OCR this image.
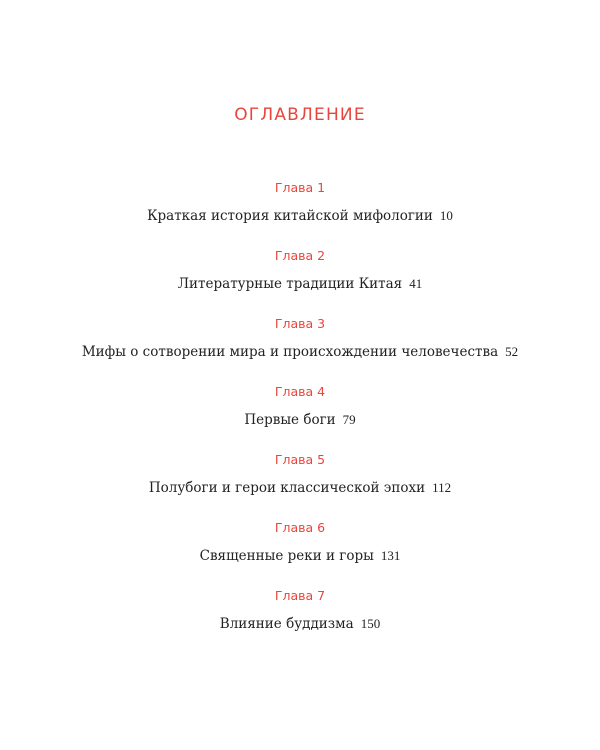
ОГЛАВЛЕНИЕ
Глава 1
Краткая история китайской мифологии 10
Глава 2
Литературные традиции Китая 41
Глава 3
Мифы о сотворении мира и происхождении человечества 52
Глава 4
Первые боги 79
Глава 5
Полубоги и герои классической эпохи 112
Глава 6
Священные реки и горы 131
Глава 7
Влияние буддизма 150
